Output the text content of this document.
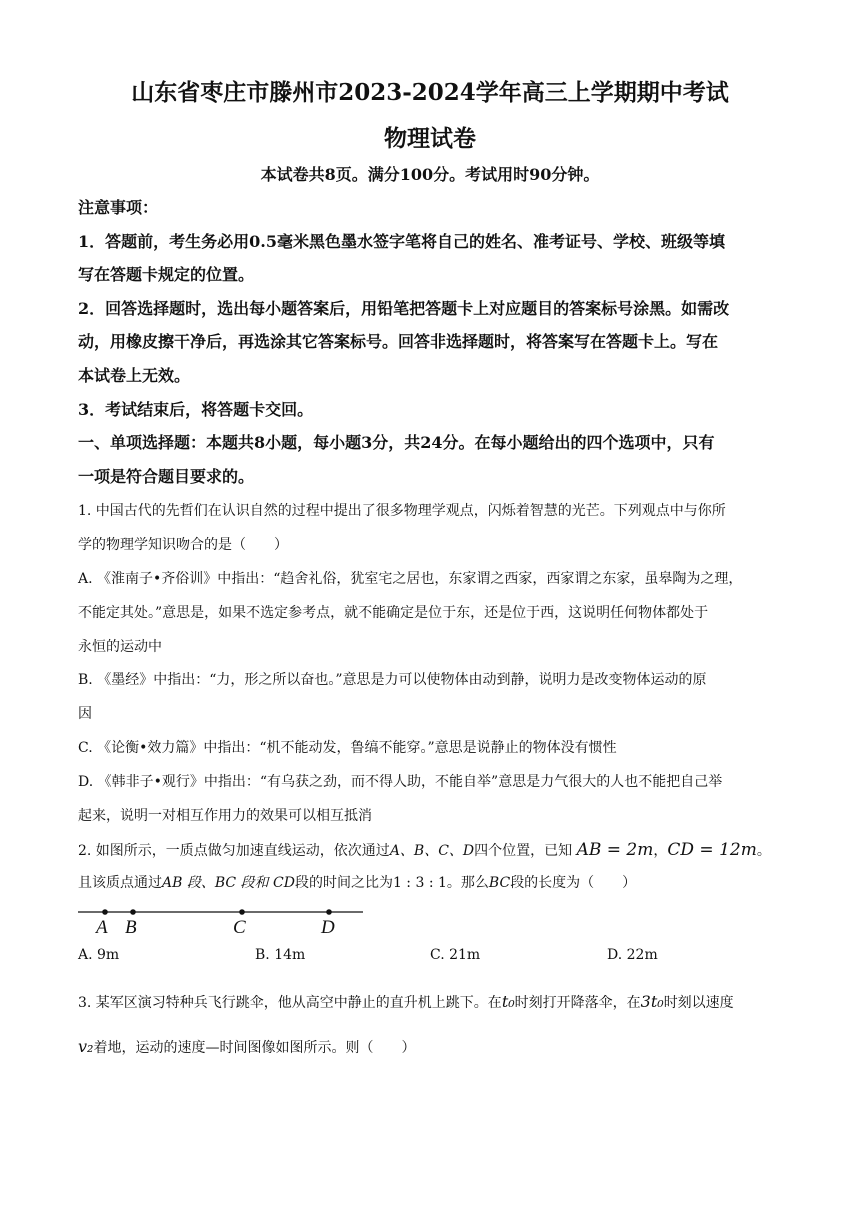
山东省枣庄市滕州市2023-2024学年高三上学期期中考试
物理试卷
本试卷共8页。满分100分。考试用时90分钟。
注意事项：
1．答题前，考生务必用0.5毫米黑色墨水签字笔将自己的姓名、准考证号、学校、班级等填
写在答题卡规定的位置。
2．回答选择题时，选出每小题答案后，用铅笔把答题卡上对应题目的答案标号涂黑。如需改
动，用橡皮擦干净后，再选涂其它答案标号。回答非选择题时，将答案写在答题卡上。写在
本试卷上无效。
3．考试结束后，将答题卡交回。
一、单项选择题：本题共8小题，每小题3分，共24分。在每小题给出的四个选项中，只有
一项是符合题目要求的。
1. 中国古代的先哲们在认识自然的过程中提出了很多物理学观点，闪烁着智慧的光芒。下列观点中与你所
学的物理学知识吻合的是（　　）
A. 《淮南子•齐俗训》中指出：“趋舍礼俗，犹室宅之居也，东家谓之西家，西家谓之东家，虽皋陶为之理，
不能定其处。”意思是，如果不选定参考点，就不能确定是位于东，还是位于西，这说明任何物体都处于
永恒的运动中
B. 《墨经》中指出：“力，形之所以奋也。”意思是力可以使物体由动到静，说明力是改变物体运动的原
因
C. 《论衡•效力篇》中指出：“机不能动发，鲁缟不能穿。”意思是说静止的物体没有惯性
D. 《韩非子•观行》中指出：“有乌获之劲，而不得人助，不能自举”意思是力气很大的人也不能把自己举
起来，说明一对相互作用力的效果可以相互抵消
2. 如图所示，一质点做匀加速直线运动，依次通过A、B、C、D四个位置，已知 AB = 2m，CD = 12m。
且该质点通过AB 段、BC 段和 CD段的时间之比为1 : 3 : 1。那么BC段的长度为（　　）
A B	C	D
A. 9m	B. 14m	C. 21m	D. 22m
3. 某军区演习特种兵飞行跳伞，他从高空中静止的直升机上跳下。在t₀时刻打开降落伞，在3t₀时刻以速度
v₂着地，运动的速度—时间图像如图所示。则（　　）
